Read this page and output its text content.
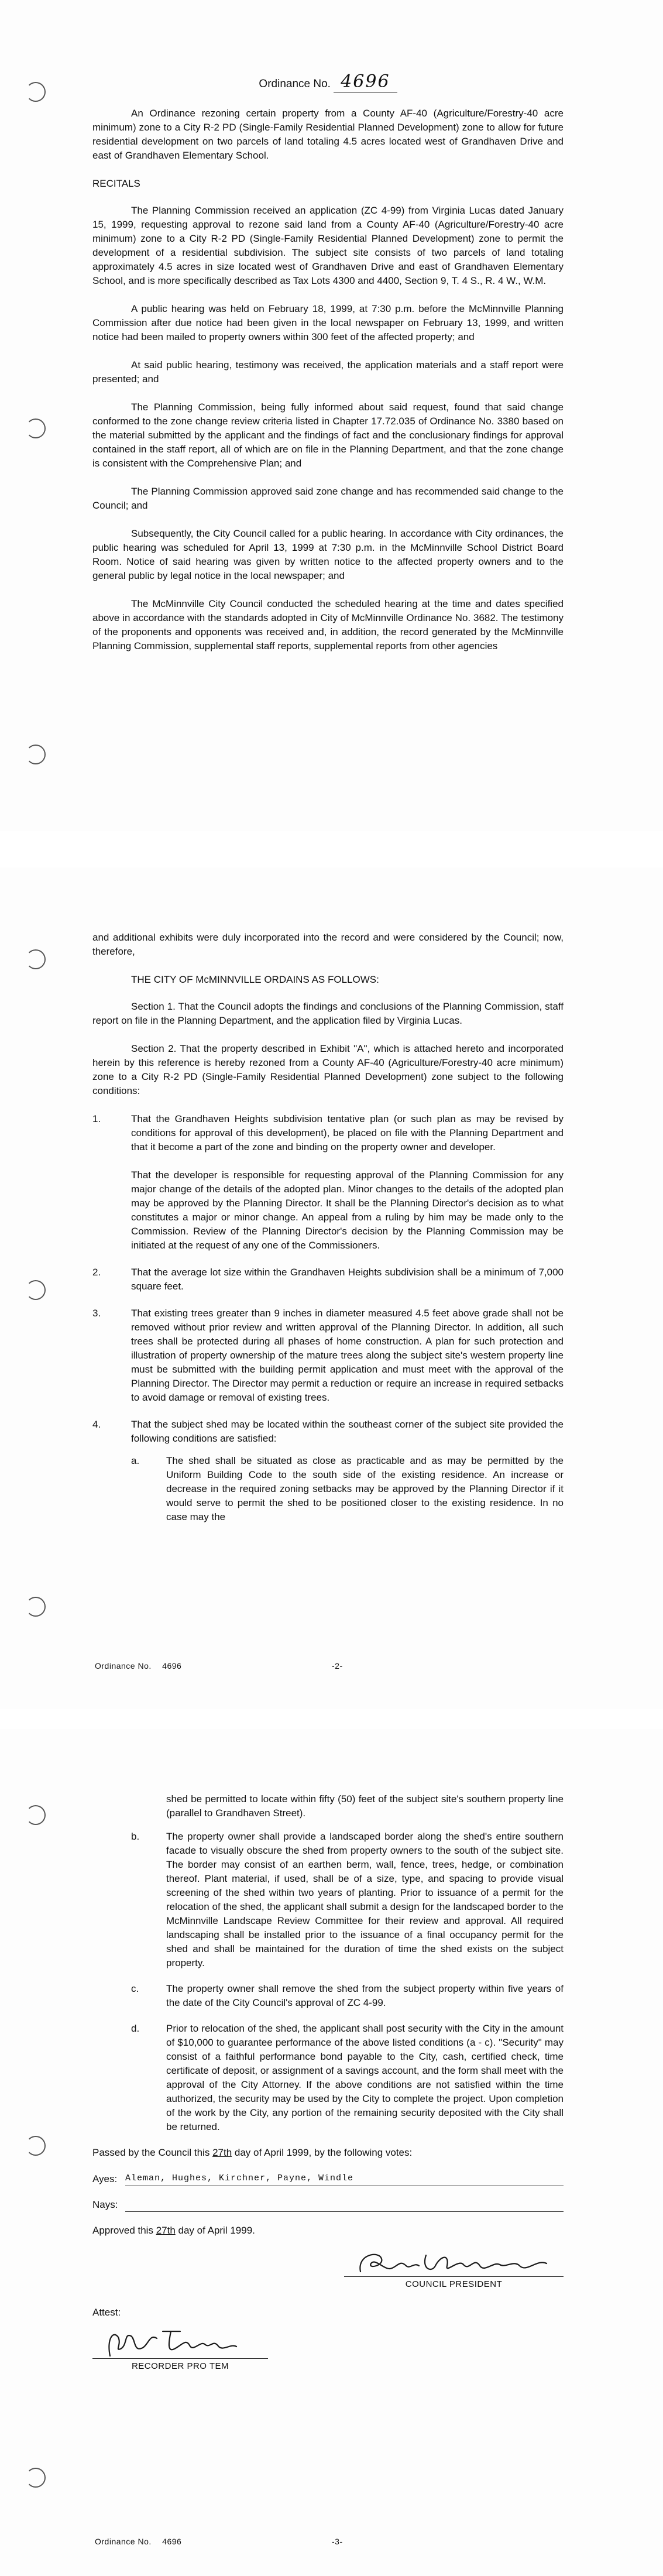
Ordinance No. 4696

An Ordinance rezoning certain property from a County AF-40 (Agriculture/Forestry-40 acre minimum) zone to a City R-2 PD (Single-Family Residential Planned Development) zone to allow for future residential development on two parcels of land totaling 4.5 acres located west of Grandhaven Drive and east of Grandhaven Elementary School.

RECITALS

The Planning Commission received an application (ZC 4-99) from Virginia Lucas dated January 15, 1999, requesting approval to rezone said land from a County AF-40 (Agriculture/Forestry-40 acre minimum) zone to a City R-2 PD (Single-Family Residential Planned Development) zone to permit the development of a residential subdivision. The subject site consists of two parcels of land totaling approximately 4.5 acres in size located west of Grandhaven Drive and east of Grandhaven Elementary School, and is more specifically described as Tax Lots 4300 and 4400, Section 9, T. 4 S., R. 4 W., W.M.

A public hearing was held on February 18, 1999, at 7:30 p.m. before the McMinnville Planning Commission after due notice had been given in the local newspaper on February 13, 1999, and written notice had been mailed to property owners within 300 feet of the affected property; and

At said public hearing, testimony was received, the application materials and a staff report were presented; and

The Planning Commission, being fully informed about said request, found that said change conformed to the zone change review criteria listed in Chapter 17.72.035 of Ordinance No. 3380 based on the material submitted by the applicant and the findings of fact and the conclusionary findings for approval contained in the staff report, all of which are on file in the Planning Department, and that the zone change is consistent with the Comprehensive Plan; and

The Planning Commission approved said zone change and has recommended said change to the Council; and

Subsequently, the City Council called for a public hearing. In accordance with City ordinances, the public hearing was scheduled for April 13, 1999 at 7:30 p.m. in the McMinnville School District Board Room. Notice of said hearing was given by written notice to the affected property owners and to the general public by legal notice in the local newspaper; and

The McMinnville City Council conducted the scheduled hearing at the time and dates specified above in accordance with the standards adopted in City of McMinnville Ordinance No. 3682. The testimony of the proponents and opponents was received and, in addition, the record generated by the McMinnville Planning Commission, supplemental staff reports, supplemental reports from other agencies

and additional exhibits were duly incorporated into the record and were considered by the Council; now, therefore,

THE CITY OF McMINNVILLE ORDAINS AS FOLLOWS:

Section 1. That the Council adopts the findings and conclusions of the Planning Commission, staff report on file in the Planning Department, and the application filed by Virginia Lucas.

Section 2. That the property described in Exhibit "A", which is attached hereto and incorporated herein by this reference is hereby rezoned from a County AF-40 (Agriculture/Forestry-40 acre minimum) zone to a City R-2 PD (Single-Family Residential Planned Development) zone subject to the following conditions:

1.	That the Grandhaven Heights subdivision tentative plan (or such plan as may be revised by conditions for approval of this development), be placed on file with the Planning Department and that it become a part of the zone and binding on the property owner and developer.

That the developer is responsible for requesting approval of the Planning Commission for any major change of the details of the adopted plan. Minor changes to the details of the adopted plan may be approved by the Planning Director. It shall be the Planning Director's decision as to what constitutes a major or minor change. An appeal from a ruling by him may be made only to the Commission. Review of the Planning Director's decision by the Planning Commission may be initiated at the request of any one of the Commissioners.

2.	That the average lot size within the Grandhaven Heights subdivision shall be a minimum of 7,000 square feet.

3.	That existing trees greater than 9 inches in diameter measured 4.5 feet above grade shall not be removed without prior review and written approval of the Planning Director. In addition, all such trees shall be protected during all phases of home construction. A plan for such protection and illustration of property ownership of the mature trees along the subject site's western property line must be submitted with the building permit application and must meet with the approval of the Planning Director. The Director may permit a reduction or require an increase in required setbacks to avoid damage or removal of existing trees.

4.	That the subject shed may be located within the southeast corner of the subject site provided the following conditions are satisfied:

a.	The shed shall be situated as close as practicable and as may be permitted by the Uniform Building Code to the south side of the existing residence. An increase or decrease in the required zoning setbacks may be approved by the Planning Director if it would serve to permit the shed to be positioned closer to the existing residence. In no case may the
Ordinance No. 4696	-2-

shed be permitted to locate within fifty (50) feet of the subject site's southern property line (parallel to Grandhaven Street).

b.	The property owner shall provide a landscaped border along the shed's entire southern facade to visually obscure the shed from property owners to the south of the subject site. The border may consist of an earthen berm, wall, fence, trees, hedge, or combination thereof. Plant material, if used, shall be of a size, type, and spacing to provide visual screening of the shed within two years of planting. Prior to issuance of a permit for the relocation of the shed, the applicant shall submit a design for the landscaped border to the McMinnville Landscape Review Committee for their review and approval. All required landscaping shall be installed prior to the issuance of a final occupancy permit for the shed and shall be maintained for the duration of time the shed exists on the subject property.
c.	The property owner shall remove the shed from the subject property within five years of the date of the City Council's approval of ZC 4-99.
d.	Prior to relocation of the shed, the applicant shall post security with the City in the amount of $10,000 to guarantee performance of the above listed conditions (a - c). "Security" may consist of a faithful performance bond payable to the City, cash, certified check, time certificate of deposit, or assignment of a savings account, and the form shall meet with the approval of the City Attorney. If the above conditions are not satisfied within the time authorized, the security may be used by the City to complete the project. Upon completion of the work by the City, any portion of the remaining security deposited with the City shall be returned.

Passed by the Council this 27th day of April 1999, by the following votes:

Ayes: Aleman, Hughes, Kirchner, Payne, Windle
Nays:

Approved this 27th day of April 1999.

COUNCIL PRESIDENT
Attest:
RECORDER PRO TEM
Ordinance No. 4696	-3-
